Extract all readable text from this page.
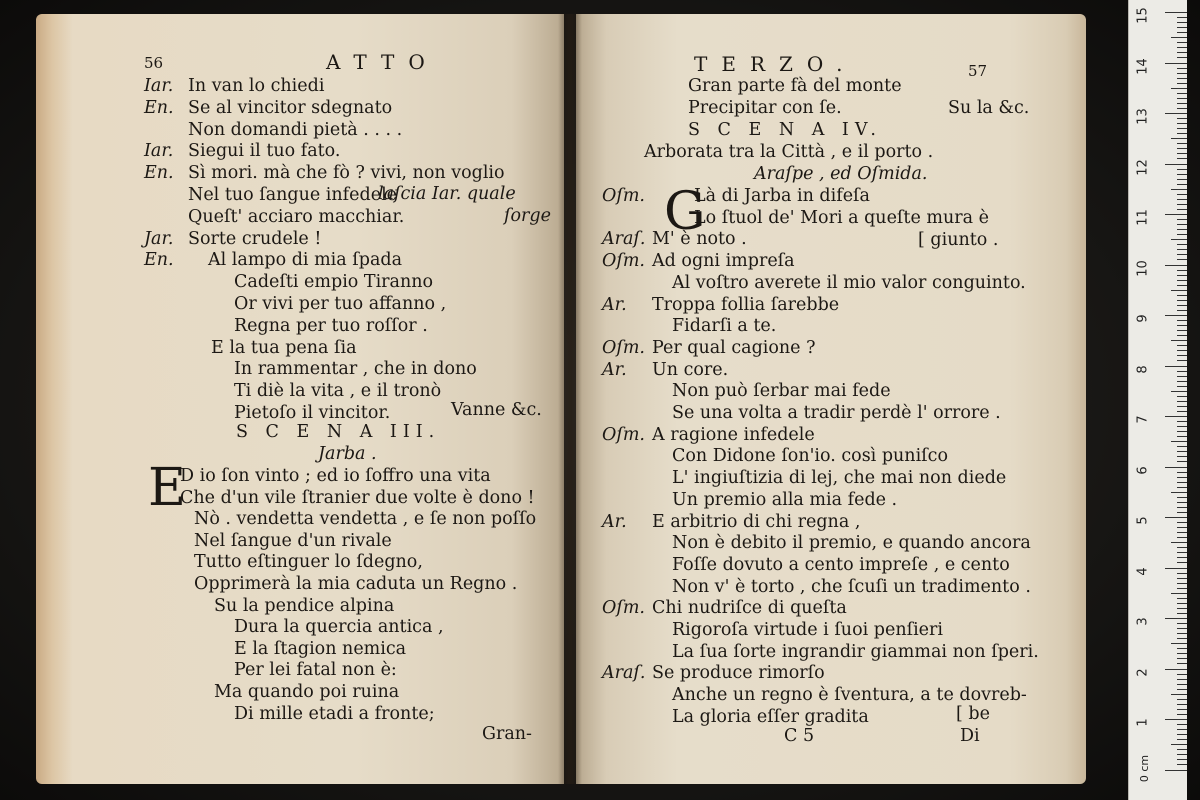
56	ATTO
Iar. In van lo chiedi
En. Se al vincitor sdegnato
Non domandi pietà . . . .
Iar. Siegui il tuo fato.
En. Sì mori. mà che fò ? vivi, non voglio
Nel tuo ſangue infedele
Queſt' acciaro macchiar.
Jar. Sorte crudele !
En. Al lampo di mia ſpada
Cadeſti empio Tiranno
Or vivi per tuo affanno ,
Regna per tuo roſſor .
E la tua pena ſia
In rammentar , che in dono
Ti diè la vita , e il tronò
Pietoſo il vincitor.
laſcia Iar. quale
ſorge
Vanne &c.
S C E N A III.
Jarba .
E
D io ſon vinto ; ed io ſoffro una vita
Che d'un vile ſtranier due volte è dono !
Nò . vendetta vendetta , e ſe non poſſo
Nel ſangue d'un rivale
Tutto eſtinguer lo ſdegno,
Opprimerà la mia caduta un Regno .
Su la pendice alpina
Dura la quercia antica ,
E la ſtagion nemica
Per lei fatal non è:
Ma quando poi ruina
Di mille etadi a fronte;
Gran-
TERZO.	57
Gran parte fà del monte
Precipitar con ſe.	Su la &c.
S C E N A IV.
Arborata tra la Città , e il porto .
Araſpe , ed Oſmida.
G
Oſm.	Là di Jarba in difeſa
Lo ſtuol de' Mori a queſte mura è
Araſ. M' è noto .
Oſm. Ad ogni impreſa
Al voſtro averete il mio valor conguinto.
Ar. Troppa follia ſarebbe
Fidarſi a te.
Oſm. Per qual cagione ?
Ar. Un core.
Non può ſerbar mai fede
Se una volta a tradir perdè l' orrore .
Oſm. A ragione infedele
Con Didone ſon'io. così puniſco
L' ingiuſtizia di lej, che mai non diede
Un premio alla mia fede .
Ar. E arbitrio di chi regna ,
Non è debito il premio, e quando ancora
Foſſe dovuto a cento impreſe , e cento
Non v' è torto , che ſcuſi un tradimento .
Oſm. Chi nudriſce di queſta
Rigoroſa virtude i ſuoi penſieri
La ſua ſorte ingrandir giammai non ſperi.
Araſ. Se produce rimorſo
Anche un regno è ſventura, a te dovreb-
La gloria eſſer gradita
[ giunto .
[ be
C 5	Di
15
14
13
12
11
10
9
8
7
6
5
4
3
2
1
0 cm
